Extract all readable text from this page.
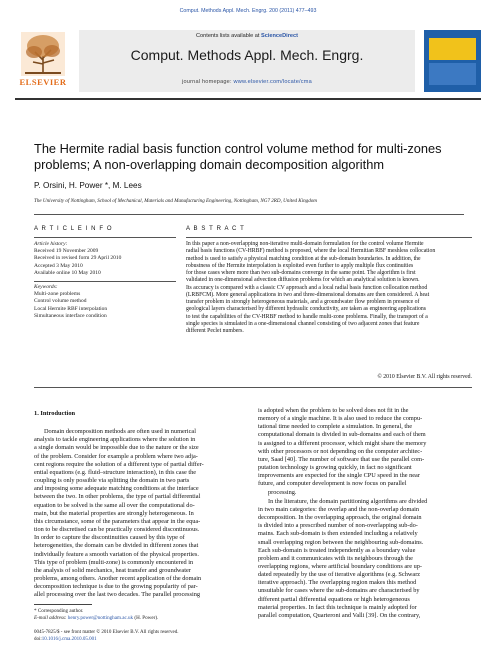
Comput. Methods Appl. Mech. Engrg. 200 (2011) 477–493
ELSEVIER
Contents lists available at ScienceDirect
Comput. Methods Appl. Mech. Engrg.
journal homepage: www.elsevier.com/locate/cma
The Hermite radial basis function control volume method for multi-zones
problems; A non-overlapping domain decomposition algorithm
P. Orsini, H. Power *, M. Lees
The University of Nottingham, School of Mechanical, Materials and Manufacturing Engineering, Nottingham, NG7 2RD, United Kingdom
A R T I C L E I N F O	A B S T R A C T
Article history:
Received 19 November 2009
Received in revised form 29 April 2010
Accepted 3 May 2010
Available online 10 May 2010
Keywords:
Multi-zone problems
Control volume method
Local Hermite RBF interpolation
Simultaneous interface condition
In this paper a non-overlapping non-iterative multi-domain formulation for the control volume Hermite
radial basis functions (CV-HRBF) method is proposed, where the local Hermitian RBF meshless collocation
method is used to satisfy a physical matching condition at the sub-domain boundaries. In addition, the
robustness of the Hermite interpolation is exploited even further to apply multiple flux continuities
for those cases where more than two sub-domains converge in the same point. The algorithm is first
validated in one-dimensional advection diffusion problems for which an analytical solution is known.
Its accuracy is compared with a classic CV approach and a local radial basis function collocation method
(LRBFCM). More general applications in two and three-dimensional domains are then considered. A heat
transfer problem in strongly heterogeneous materials, and a groundwater flow problem in presence of
geological layers characterised by different hydraulic conductivity, are taken as engineering applications
to test the capabilities of the CV-HRBF method to handle multi-zone problems. Finally, the transport of a
single species is simulated in a one-dimensional channel consisting of two adjacent zones that feature
different Peclet numbers.
© 2010 Elsevier B.V. All rights reserved.
1. Introduction
Domain decomposition methods are often used in numerical
analysis to tackle engineering applications where the solution in
a single domain would be impossible due to the nature or the size
of the problem. Consider for example a problem where two adja-
cent regions require the solution of a different type of partial differ-
ential equations (e.g. fluid–structure interaction), in this case the
coupling is only possible via splitting the domain in two parts
and imposing some adequate matching conditions at the interface
between the two. In other problems, the type of partial differential
equation to be solved is the same all over the computational do-
main, but the material properties are strongly heterogeneous. In
this circumstance, some of the parameters that appear in the equa-
tion to be discretised can be practically considered discontinuous.
In order to capture the discontinuities caused by this type of
heterogeneities, the domain can be divided in different zones that
individually feature a smooth variation of the physical properties.
This type of problem (multi-zone) is commonly encountered in
the analysis of solid mechanics, heat transfer and groundwater
problems, among others. Another recent application of the domain
decomposition technique is due to the growing popularity of par-
allel processing over the last two decades. The parallel processing
is adopted when the problem to be solved does not fit in the
memory of a single machine. It is also used to reduce the compu-
tational time needed to complete a simulation. In general, the
computational domain is divided in sub-domains and each of them
is assigned to a different processor, which might share the memory
with other processors or not depending on the computer architec-
ture, Saad [40]. The number of software that use the parallel com-
putation technology is growing quickly, in fact no significant
improvements are expected for the single CPU speed in the near
future, and computer development is now focus on parallel
processing.
In the literature, the domain partitioning algorithms are divided
in two main categories: the overlap and the non-overlap domain
decomposition. In the overlapping approach, the original domain
is divided into a prescribed number of non-overlapping sub-do-
mains. Each sub-domain is then extended including a relatively
small overlapping region between the neighbouring sub-domains.
Each sub-domain is treated independently as a boundary value
problem and it communicates with its neighbours through the
overlapping regions, where artificial boundary conditions are up-
dated repeatedly by the use of iterative algorithms (e.g. Schwarz
iterative approach). The overlapping region makes this method
unsuitable for cases where the sub-domains are characterised by
different partial differential equations or high heterogeneous
material properties. In fact this technique is mainly adopted for
parallel computation, Quarteroni and Valli [39]. On the contrary,
* Corresponding author.
E-mail address: henry.power@nottingham.ac.uk (H. Power).
0045-7825/$ - see front matter © 2010 Elsevier B.V. All rights reserved.
doi:10.1016/j.cma.2010.05.001
